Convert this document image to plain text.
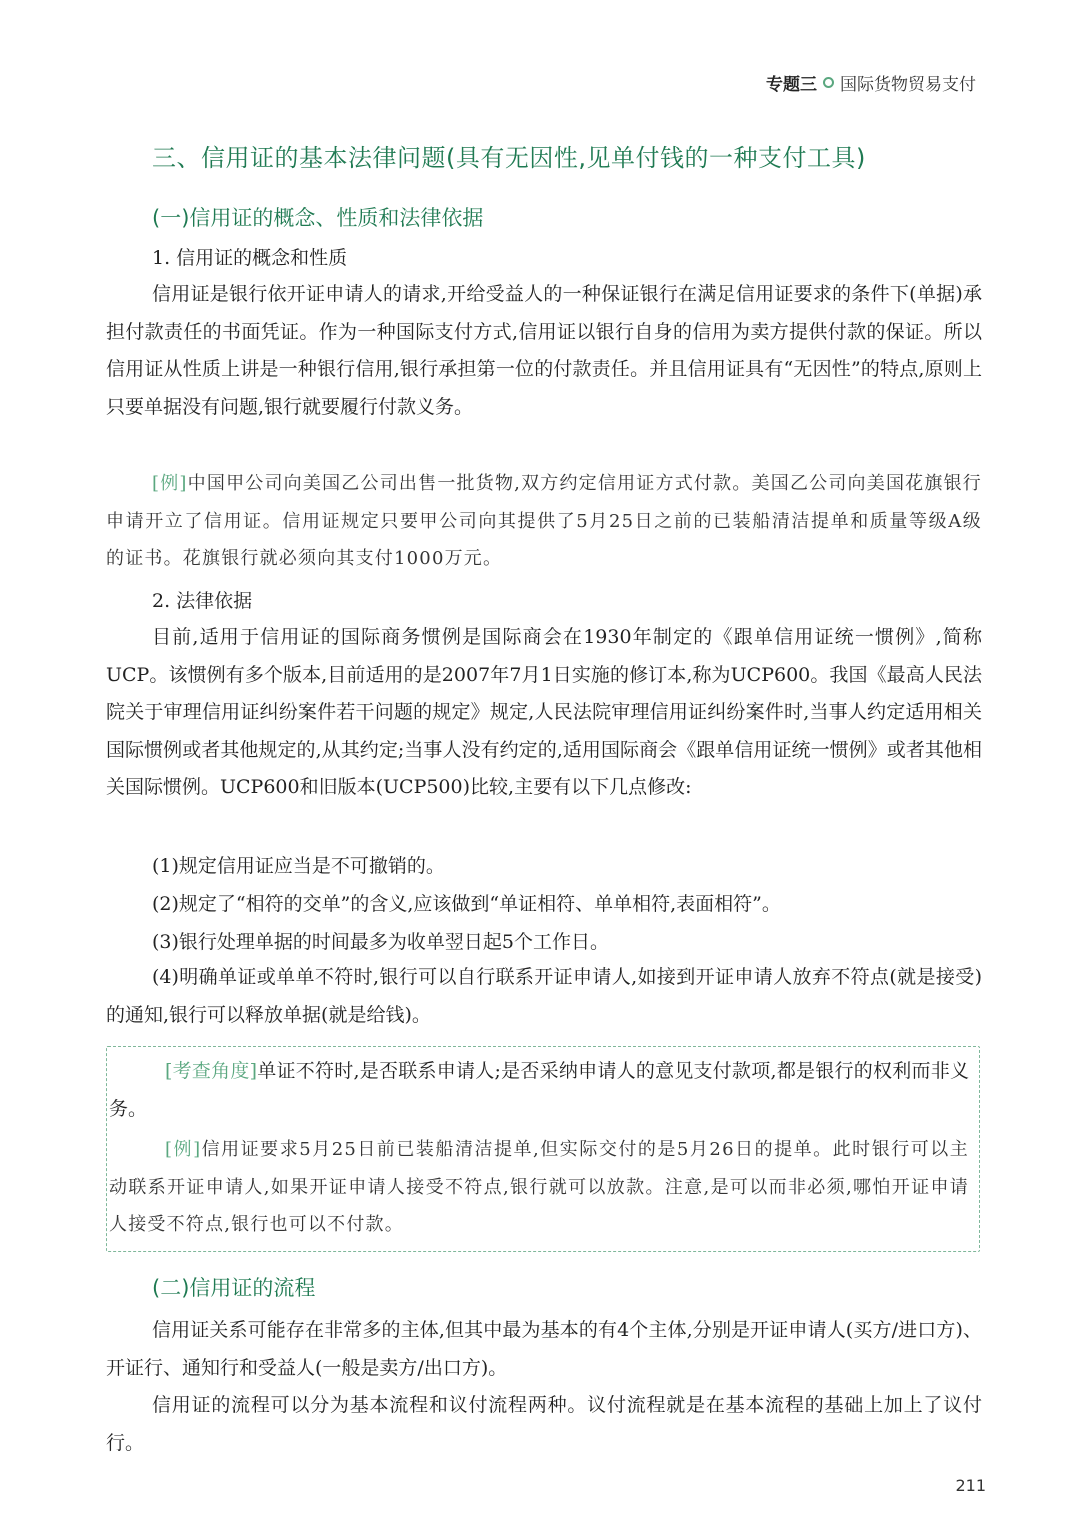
专题三 国际货物贸易支付
三、信用证的基本法律问题(具有无因性,见单付钱的一种支付工具)
(一)信用证的概念、性质和法律依据
1. 信用证的概念和性质

信用证是银行依开证申请人的请求,开给受益人的一种保证银行在满足信用证要求的条件下(单据)承担付款责任的书面凭证。作为一种国际支付方式,信用证以银行自身的信用为卖方提供付款的保证。所以信用证从性质上讲是一种银行信用,银行承担第一位的付款责任。并且信用证具有“无因性”的特点,原则上只要单据没有问题,银行就要履行付款义务。

[例]中国甲公司向美国乙公司出售一批货物,双方约定信用证方式付款。美国乙公司向美国花旗银行申请开立了信用证。信用证规定只要甲公司向其提供了5月25日之前的已装船清洁提单和质量等级A级的证书。花旗银行就必须向其支付1000万元。

2. 法律依据

目前,适用于信用证的国际商务惯例是国际商会在1930年制定的《跟单信用证统一惯例》,简称UCP。该惯例有多个版本,目前适用的是2007年7月1日实施的修订本,称为UCP600。我国《最高人民法院关于审理信用证纠纷案件若干问题的规定》规定,人民法院审理信用证纠纷案件时,当事人约定适用相关国际惯例或者其他规定的,从其约定;当事人没有约定的,适用国际商会《跟单信用证统一惯例》或者其他相关国际惯例。UCP600和旧版本(UCP500)比较,主要有以下几点修改:

(1)规定信用证应当是不可撤销的。
(2)规定了“相符的交单”的含义,应该做到“单证相符、单单相符,表面相符”。
(3)银行处理单据的时间最多为收单翌日起5个工作日。

(4)明确单证或单单不符时,银行可以自行联系开证申请人,如接到开证申请人放弃不符点(就是接受)的通知,银行可以释放单据(就是给钱)。

[考查角度]单证不符时,是否联系申请人;是否采纳申请人的意见支付款项,都是银行的权利而非义务。

[例]信用证要求5月25日前已装船清洁提单,但实际交付的是5月26日的提单。此时银行可以主动联系开证申请人,如果开证申请人接受不符点,银行就可以放款。注意,是可以而非必须,哪怕开证申请人接受不符点,银行也可以不付款。

(二)信用证的流程

信用证关系可能存在非常多的主体,但其中最为基本的有4个主体,分别是开证申请人(买方/进口方)、开证行、通知行和受益人(一般是卖方/出口方)。

信用证的流程可以分为基本流程和议付流程两种。议付流程就是在基本流程的基础上加上了议付行。

211
